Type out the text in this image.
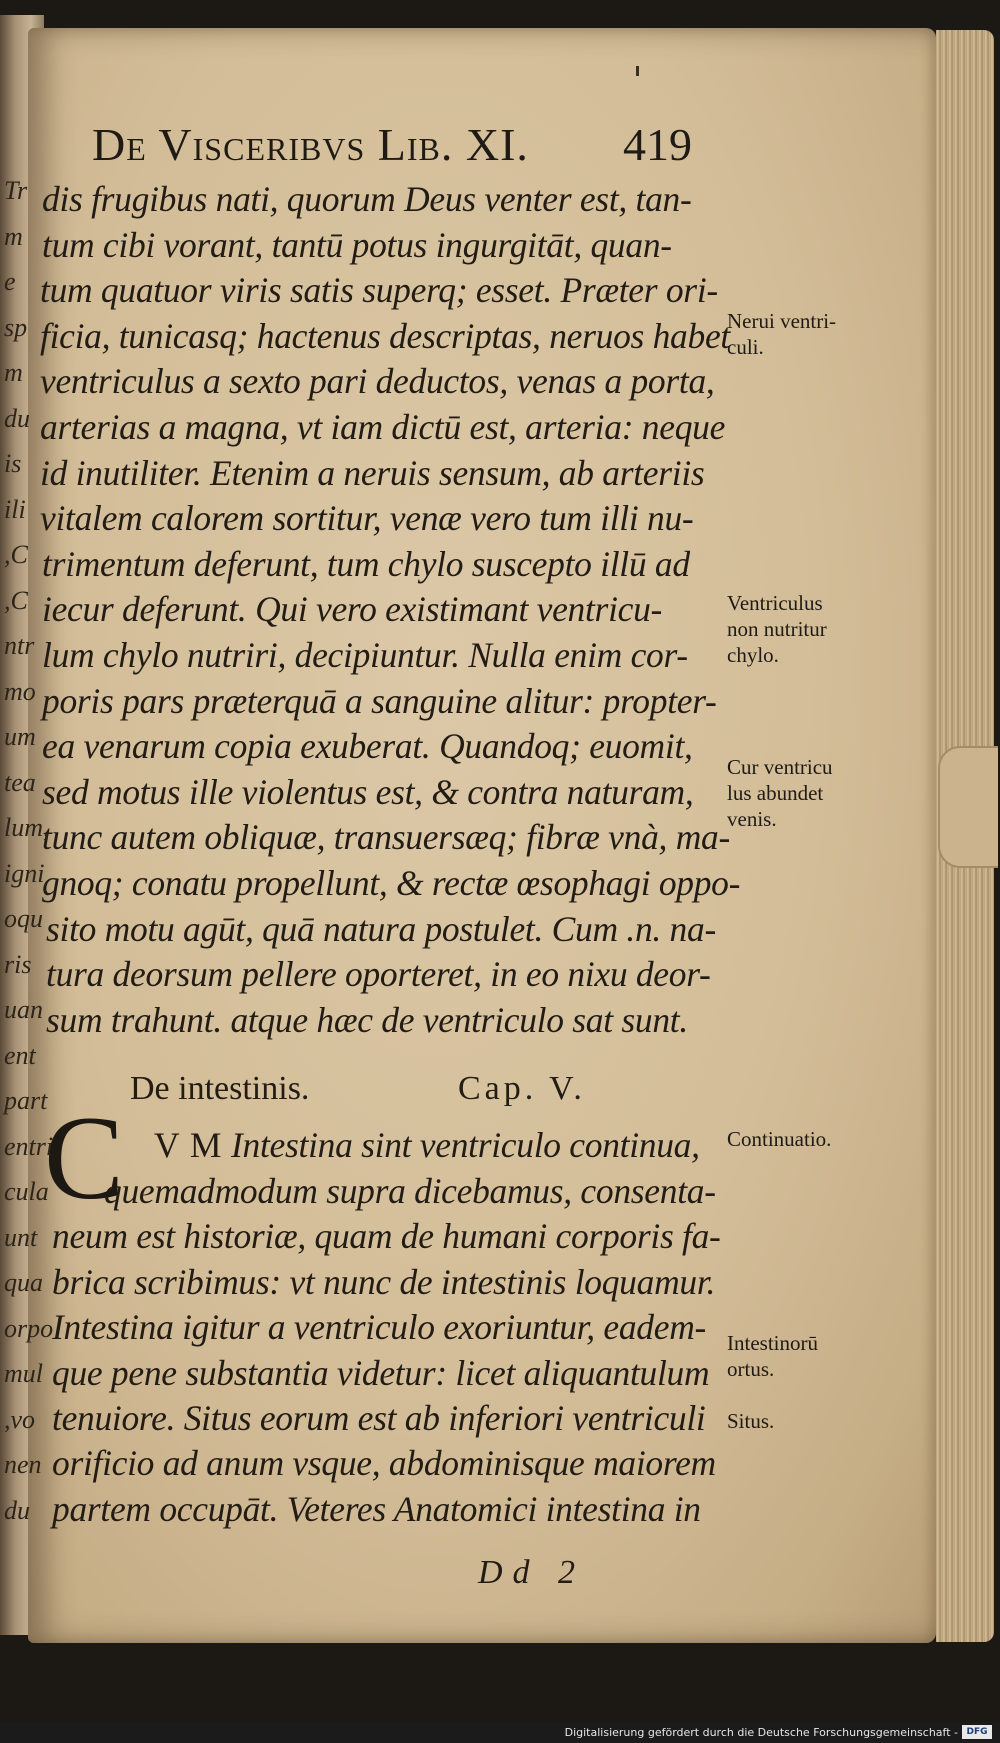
De Visceribvs Lib. XI.	419
dis frugibus nati, quorum Deus venter est, tan-
tum cibi vorant, tantū potus ingurgitāt, quan-
tum quatuor viris satis superq; esset. Præter ori-
ficia, tunicasq; hactenus descriptas, neruos habet
ventriculus a sexto pari deductos, venas a porta,
arterias a magna, vt iam dictū est, arteria: neque
id inutiliter. Etenim a neruis sensum, ab arteriis
vitalem calorem sortitur, venæ vero tum illi nu-
trimentum deferunt, tum chylo suscepto illū ad
iecur deferunt. Qui vero existimant ventricu-
lum chylo nutriri, decipiuntur. Nulla enim cor-
poris pars præterquā a sanguine alitur: propter-
ea venarum copia exuberat. Quandoq; euomit,
sed motus ille violentus est, & contra naturam,
tunc autem obliquæ, transuersæq; fibræ vnà, ma-
gnoq; conatu propellunt, & rectæ œsophagi oppo-
sito motu agūt, quā natura postulet. Cum .n. na-
tura deorsum pellere oporteret, in eo nixu deor-
sum trahunt. atque hæc de ventriculo sat sunt.
quemadmodum supra dicebamus, consenta-
neum est historiæ, quam de humani corporis fa-
brica scribimus: vt nunc de intestinis loquamur.
Intestina igitur a ventriculo exoriuntur, eadem-
que pene substantia videtur: licet aliquantulum
tenuiore. Situs eorum est ab inferiori ventriculi
orificio ad anum vsque, abdominisque maiorem
partem occupāt. Veteres Anatomici intestina in
De intestinis.	Cap. V.
C V M Intestina sint ventriculo continua,
Nerui ventri-
culi.
Ventriculus
non nutritur
chylo.
Cur ventricu
lus abundet
venis.
Continuatio.
Intestinorū
ortus.
Situs.
Tr
m
e
sp
m
du
is
ili
,C
,C
ntr
mo
um
tea
lum,
igni
oqu
ris
uan
ent
part
entri
cula
unt
qua
orpo
mul
,vo
nen
du
Dd 2
Digitalisierung gefördert durch die Deutsche Forschungsgemeinschaft - DFG
